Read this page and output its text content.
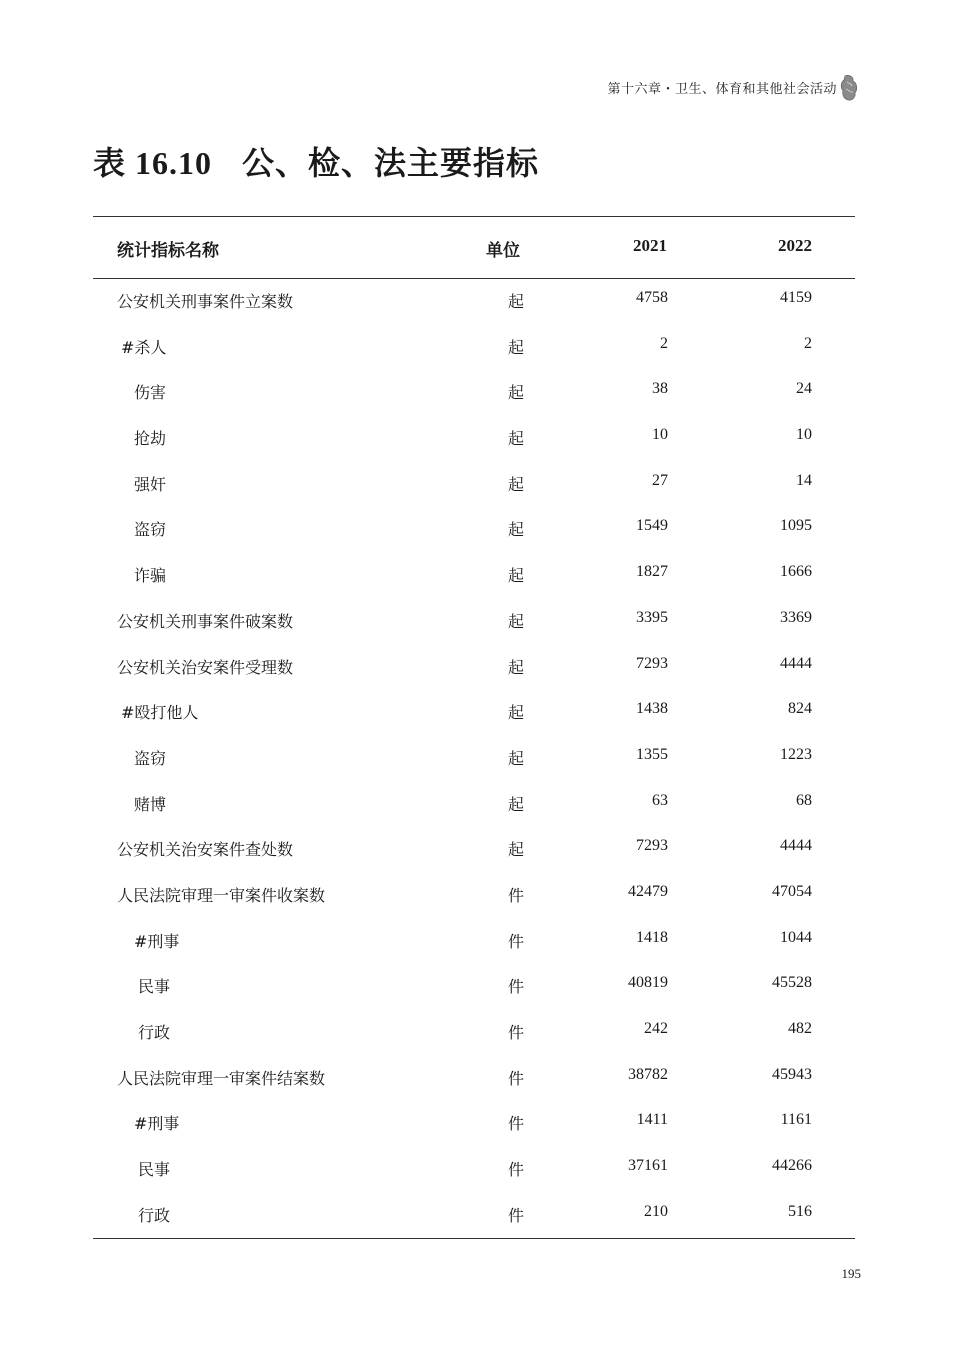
第十六章・卫生、体育和其他社会活动
表 16.10 公、检、法主要指标
统计指标名称	单位	2021	2022
公安机关刑事案件立案数	起	4758	4159
#杀人	起	2	2
伤害	起	38	24
抢劫	起	10	10
强奸	起	27	14
盗窃	起	1549	1095
诈骗	起	1827	1666
公安机关刑事案件破案数	起	3395	3369
公安机关治安案件受理数	起	7293	4444
#殴打他人	起	1438	824
盗窃	起	1355	1223
赌博	起	63	68
公安机关治安案件查处数	起	7293	4444
人民法院审理一审案件收案数	件	42479	47054
#刑事	件	1418	1044
民事	件	40819	45528
行政	件	242	482
人民法院审理一审案件结案数	件	38782	45943
#刑事	件	1411	1161
民事	件	37161	44266
行政	件	210	516
195
